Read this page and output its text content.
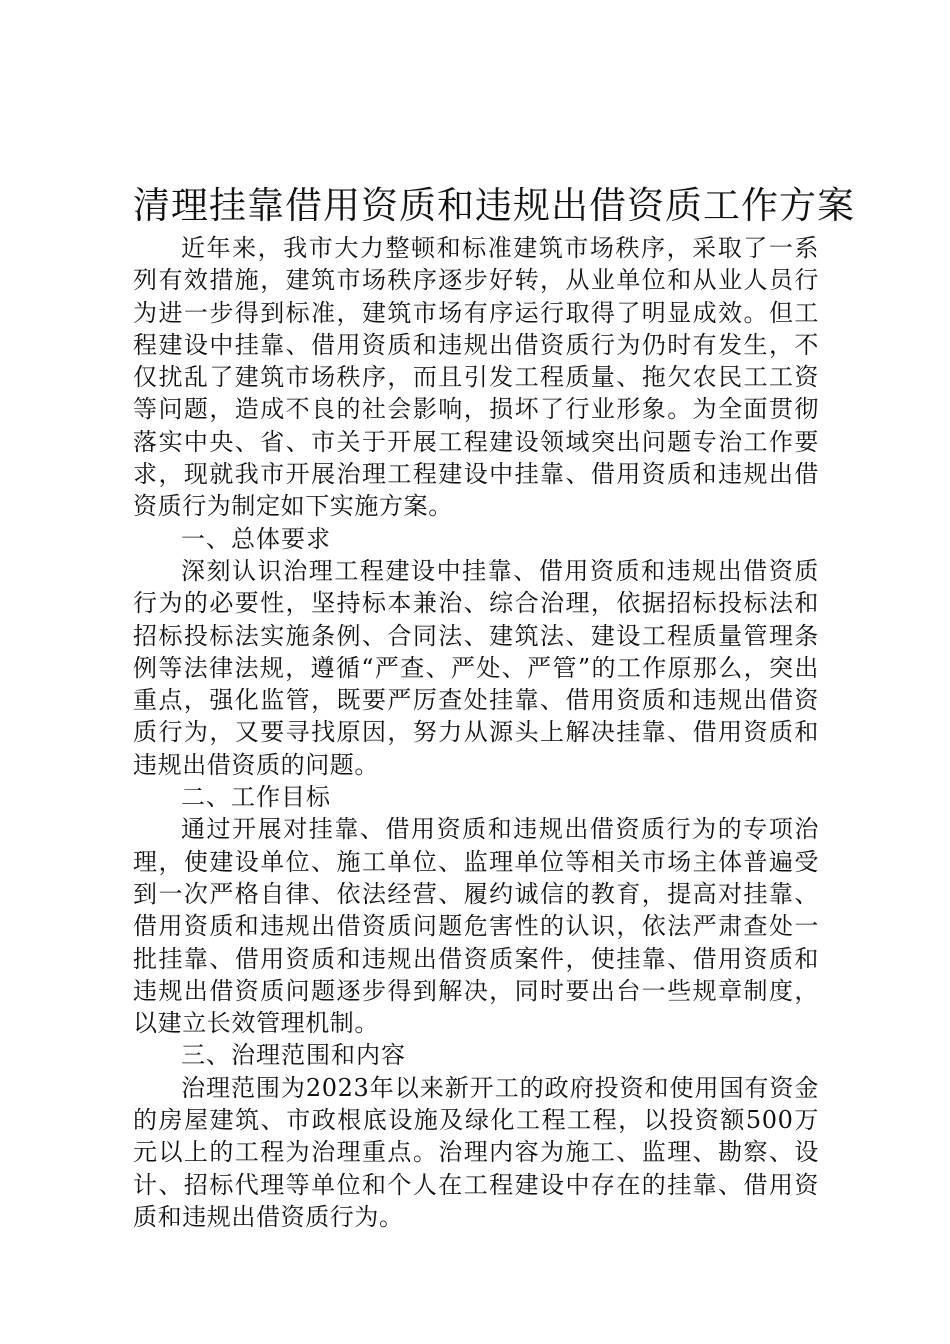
清理挂靠借用资质和违规出借资质工作方案

近年来，我市大力整顿和标准建筑市场秩序，采取了一系列有效措施，建筑市场秩序逐步好转，从业单位和从业人员行为进一步得到标准，建筑市场有序运行取得了明显成效。但工程建设中挂靠、借用资质和违规出借资质行为仍时有发生，不仅扰乱了建筑市场秩序，而且引发工程质量、拖欠农民工工资等问题，造成不良的社会影响，损坏了行业形象。为全面贯彻落实中央、省、市关于开展工程建设领域突出问题专治工作要求，现就我市开展治理工程建设中挂靠、借用资质和违规出借资质行为制定如下实施方案。

一、总体要求

深刻认识治理工程建设中挂靠、借用资质和违规出借资质行为的必要性，坚持标本兼治、综合治理，依据招标投标法和招标投标法实施条例、合同法、建筑法、建设工程质量管理条例等法律法规，遵循“严查、严处、严管”的工作原那么，突出重点，强化监管，既要严厉查处挂靠、借用资质和违规出借资质行为，又要寻找原因，努力从源头上解决挂靠、借用资质和违规出借资质的问题。

二、工作目标

通过开展对挂靠、借用资质和违规出借资质行为的专项治理，使建设单位、施工单位、监理单位等相关市场主体普遍受到一次严格自律、依法经营、履约诚信的教育，提高对挂靠、借用资质和违规出借资质问题危害性的认识，依法严肃查处一批挂靠、借用资质和违规出借资质案件，使挂靠、借用资质和违规出借资质问题逐步得到解决，同时要出台一些规章制度，以建立长效管理机制。

三、治理范围和内容

治理范围为2023年以来新开工的政府投资和使用国有资金的房屋建筑、市政根底设施及绿化工程工程，以投资额500万元以上的工程为治理重点。治理内容为施工、监理、勘察、设计、招标代理等单位和个人在工程建设中存在的挂靠、借用资质和违规出借资质行为。
